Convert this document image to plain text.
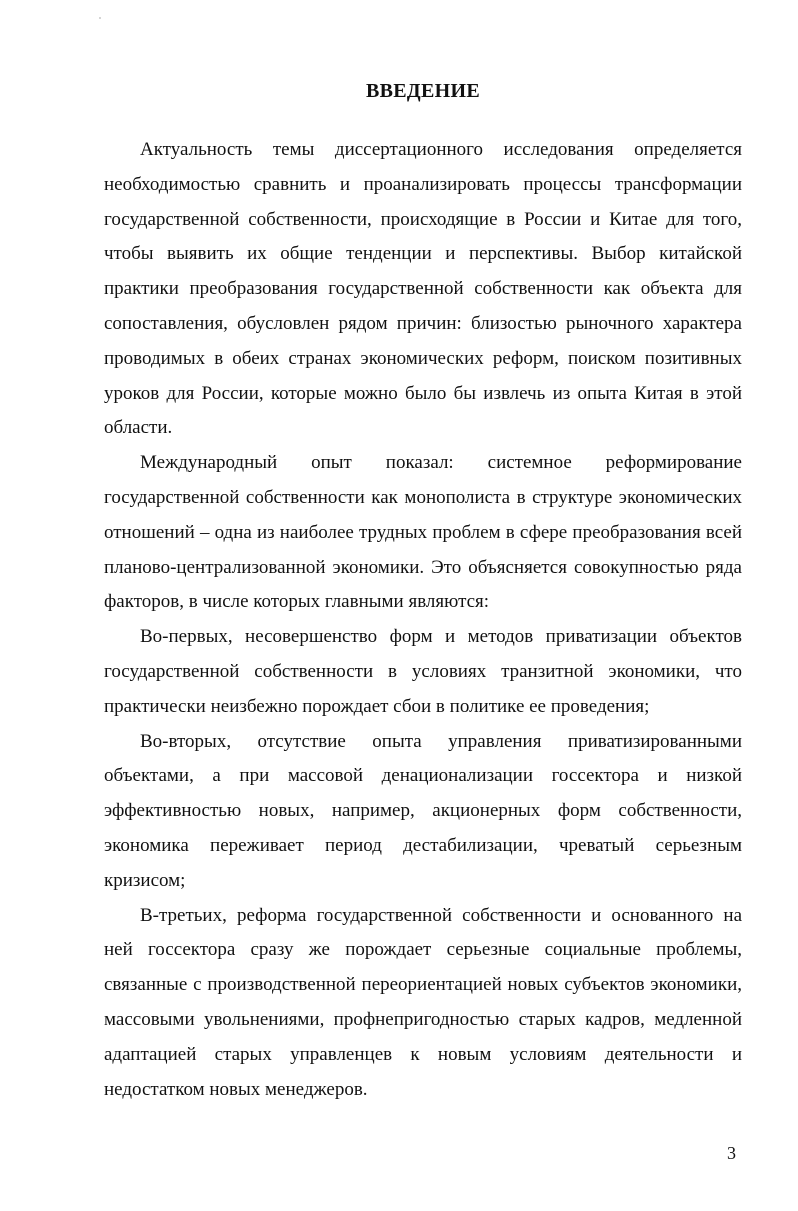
ВВЕДЕНИЕ

Актуальность темы диссертационного исследования определяется необходимостью сравнить и проанализировать процессы трансформации государственной собственности, происходящие в России и Китае для того, чтобы выявить их общие тенденции и перспективы. Выбор китайской практики преобразования государственной собственности как объекта для сопоставления, обусловлен рядом причин: близостью рыночного характера проводимых в обеих странах экономических реформ, поиском позитивных уроков для России, которые можно было бы извлечь из опыта Китая в этой области.

Международный опыт показал: системное реформирование государственной собственности как монополиста в структуре экономических отношений – одна из наиболее трудных проблем в сфере преобразования всей планово-централизованной экономики. Это объясняется совокупностью ряда факторов, в числе которых главными являются:

Во-первых, несовершенство форм и методов приватизации объектов государственной собственности в условиях транзитной экономики, что практически неизбежно порождает сбои в политике ее проведения;

Во-вторых, отсутствие опыта управления приватизированными объектами, а при массовой денационализации госсектора и низкой эффективностью новых, например, акционерных форм собственности, экономика переживает период дестабилизации, чреватый серьезным кризисом;

В-третьих, реформа государственной собственности и основанного на ней госсектора сразу же порождает серьезные социальные проблемы, связанные с производственной переориентацией новых субъектов экономики, массовыми увольнениями, профнепригодностью старых кадров, медленной адаптацией старых управленцев к новым условиям деятельности и недостатком новых менеджеров.

3
